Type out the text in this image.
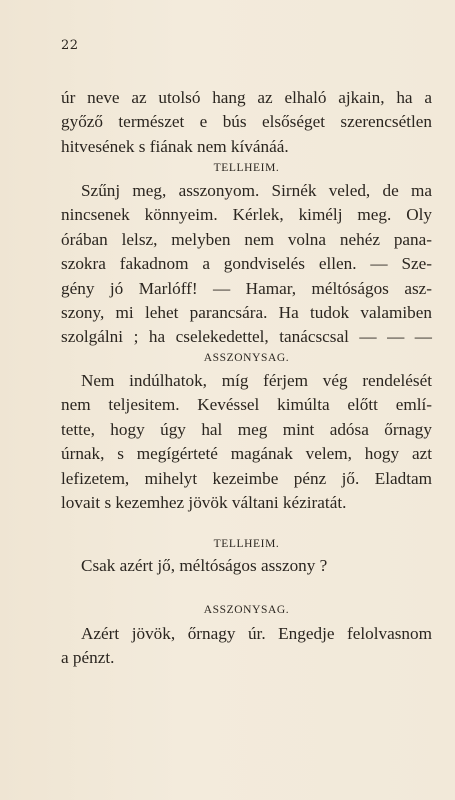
22
úr neve az utolsó hang az elhaló ajkain, ha a
győző természet e bús elsőséget szerencsétlen
hitvesének s fiának nem kívánáá.
TELLHEIM.
Szűnj meg, asszonyom. Sirnék veled, de ma
nincsenek könnyeim. Kérlek, kimélj meg. Oly
órában lelsz, melyben nem volna nehéz pana-
szokra fakadnom a gondviselés ellen. — Sze-
gény jó Marlóff! — Hamar, méltóságos asz-
szony, mi lehet parancsára. Ha tudok valamiben
szolgálni ; ha cselekedettel, tanácscsal — — —
ASSZONYSAG.
Nem indúlhatok, míg férjem vég rendelését
nem teljesitem. Kevéssel kimúlta előtt emlí-
tette, hogy úgy hal meg mint adósa őrnagy
úrnak, s megígérteté magának velem, hogy azt
lefizetem, mihelyt kezeimbe pénz jő. Eladtam
lovait s kezemhez jövök váltani kéziratát.
TELLHEIM.
Csak azért jő, méltóságos asszony ?
ASSZONYSAG.
Azért jövök, őrnagy úr. Engedje felolvasnom
a pénzt.
